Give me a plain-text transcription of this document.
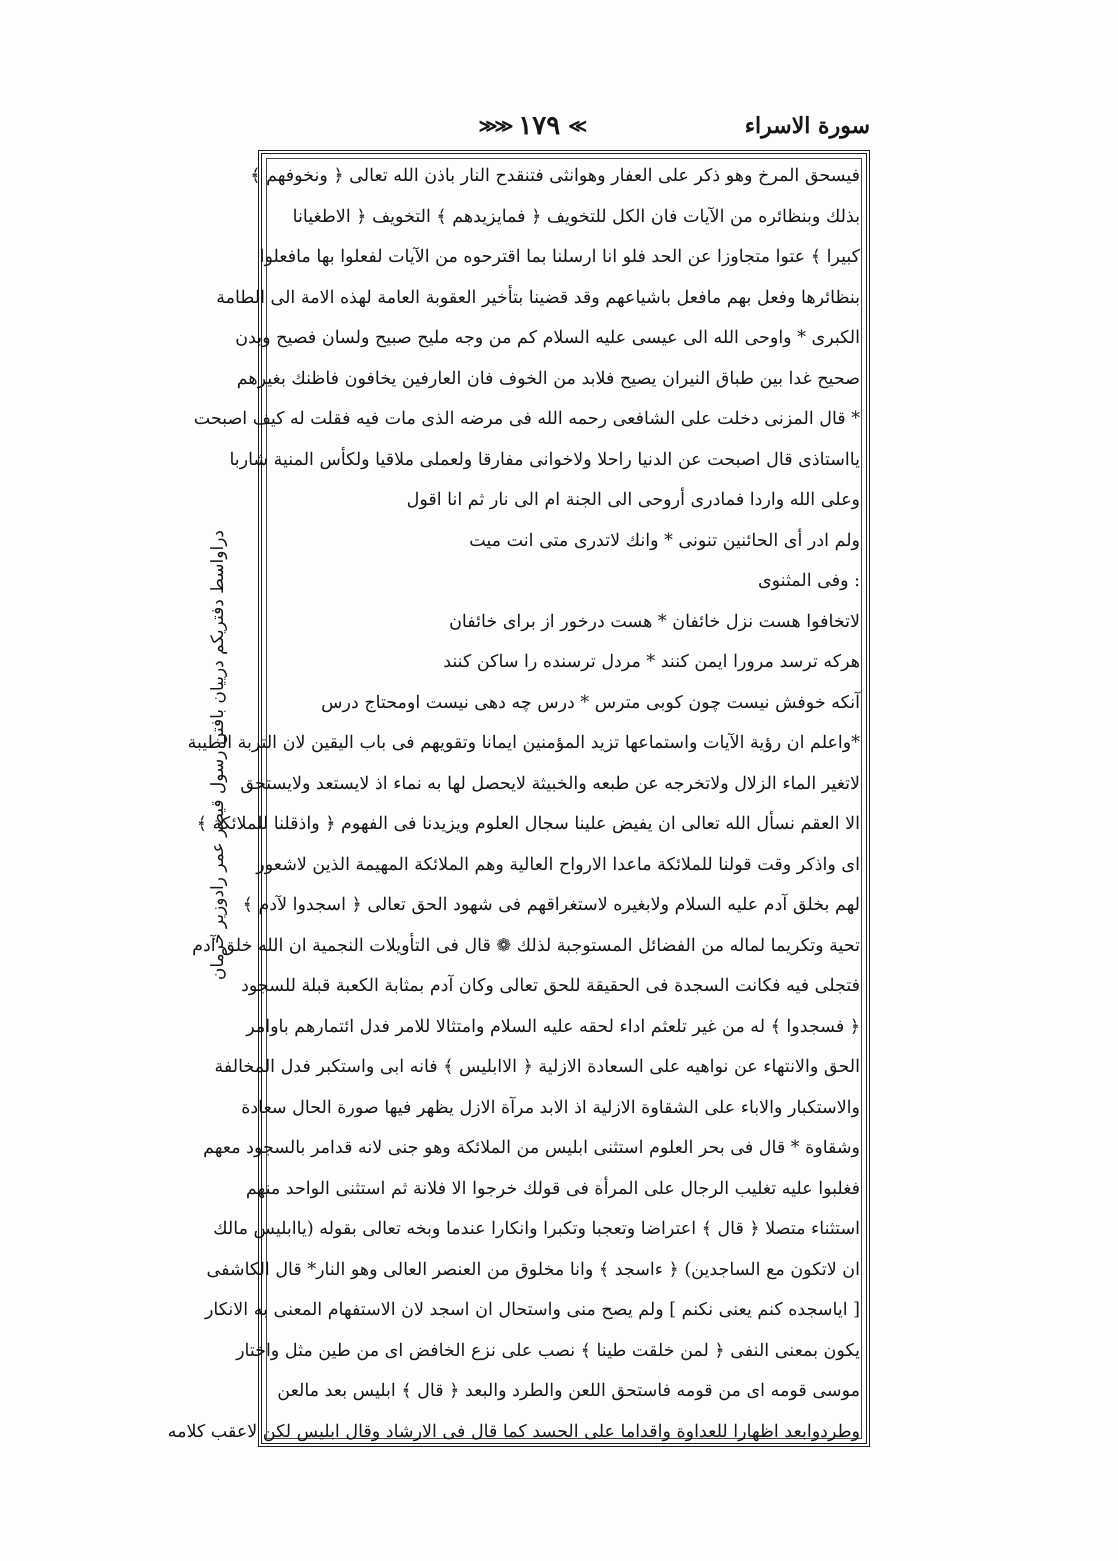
سورة الاسراء
≫
۱۷۹
≪≪
دراواسط دفتريكم درييان بافتن رسول قيصر عمر رادوزير خرمان
فيسحق المرخ وهو ذكر على العفار وهوانثى فتنقدح النار باذن الله تعالى ﴿ ونخوفهم ﴾
بذلك وبنظائره من الآيات فان الكل للتخويف ﴿ فمايزيدهم ﴾ التخويف ﴿ الاطغيانا
كبيرا ﴾ عتوا متجاوزا عن الحد فلو انا ارسلنا بما اقترحوه من الآيات لفعلوا بها مافعلوا
بنظائرها وفعل بهم مافعل باشياعهم وقد قضينا بتأخير العقوبة العامة لهذه الامة الى الطامة
الكبرى * واوحى الله الى عيسى عليه السلام كم من وجه مليح صبيح ولسان فصيح وبدن
صحيح غدا بين طباق النيران يصيح فلابد من الخوف فان العارفين يخافون فاظنك بغيرهم
* قال المزنى دخلت على الشافعى رحمه الله فى مرضه الذى مات فيه فقلت له كيف اصبحت
يااستاذى قال اصبحت عن الدنيا راحلا ولاخوانى مفارقا ولعملى ملاقيا ولكأس المنية شاربا
وعلى الله واردا فمادرى أروحى الى الجنة ام الى نار ثم انا اقول
ولم ادر أى الحائنين تنونى * وانك لاتدرى متى انت ميت
: وفى المثنوى
لاتخافوا هست نزل خائفان * هست درخور از براى خائفان
هركه ترسد مرورا ايمن كنند * مردل ترسنده را ساكن كنند
آنكه خوفش نيست چون كوبى مترس * درس چه دهى نيست اومحتاج درس
*واعلم ان رؤية الآيات واستماعها تزيد المؤمنين ايمانا وتقويهم فى باب اليقين لان التربة الطيبة
لاتغير الماء الزلال ولاتخرجه عن طبعه والخبيثة لايحصل لها به نماء اذ لايستعد ولايستحق
الا العقم نسأل الله تعالى ان يفيض علينا سجال العلوم ويزيدنا فى الفهوم ﴿ واذقلنا للملائكة ﴾
اى واذكر وقت قولنا للملائكة ماعدا الارواح العالية وهم الملائكة المهيمة الذين لاشعور
لهم بخلق آدم عليه السلام ولابغيره لاستغراقهم فى شهود الحق تعالى ﴿ اسجدوا لآدم ﴾
تحية وتكريما لماله من الفضائل المستوجبة لذلك ❁ قال فى التأويلات النجمية ان الله خلق آدم
فتجلى فيه فكانت السجدة فى الحقيقة للحق تعالى وكان آدم بمثابة الكعبة قبلة للسجود
﴿ فسجدوا ﴾ له من غير تلعثم اداء لحقه عليه السلام وامتثالا للامر فدل ائتمارهم باوامر
الحق والانتهاء عن نواهيه على السعادة الازلية ﴿ الاابليس ﴾ فانه ابى واستكبر فدل المخالفة
والاستكبار والاباء على الشقاوة الازلية اذ الابد مرآة الازل يظهر فيها صورة الحال سعادة
وشقاوة * قال فى بحر العلوم استثنى ابليس من الملائكة وهو جنى لانه قدامر بالسجود معهم
فغلبوا عليه تغليب الرجال على المرأة فى قولك خرجوا الا فلانة ثم استثنى الواحد منهم
استثناء متصلا ﴿ قال ﴾ اعتراضا وتعجبا وتكبرا وانكارا عندما وبخه تعالى بقوله (ياابليس مالك
ان لاتكون مع الساجدين) ﴿ ءاسجد ﴾ وانا مخلوق من العنصر العالى وهو النار* قال الكاشفى
[ اياسجده كنم يعنى نكنم ] ولم يصح منى واستحال ان اسجد لان الاستفهام المعنى به الانكار
يكون بمعنى النفى ﴿ لمن خلقت طينا ﴾ نصب على نزع الخافض اى من طين مثل واختار
موسى قومه اى من قومه فاستحق اللعن والطرد والبعد ﴿ قال ﴾ ابليس بعد مالعن
وطردوابعد اظهارا للعداوة واقداما على الحسد كما قال فى الارشاد وقال ابليس لكن لاعقب كلامه
